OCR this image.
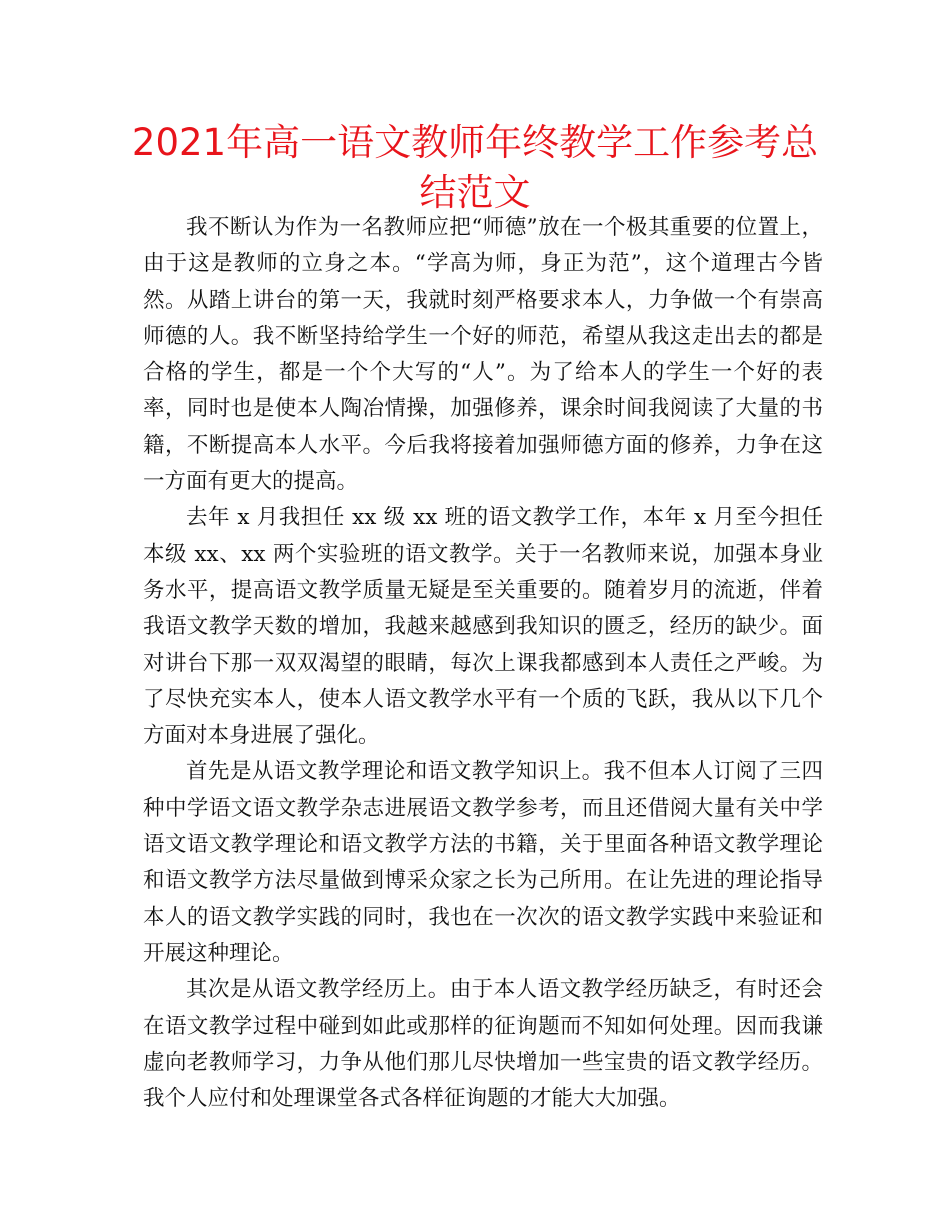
2021年高一语文教师年终教学工作参考总结范文

我不断认为作为一名教师应把“师德”放在一个极其重要的位置上，由于这是教师的立身之本。“学高为师，身正为范”，这个道理古今皆然。从踏上讲台的第一天，我就时刻严格要求本人，力争做一个有崇高师德的人。我不断坚持给学生一个好的师范，希望从我这走出去的都是合格的学生，都是一个个大写的“人”。为了给本人的学生一个好的表率，同时也是使本人陶冶情操，加强修养，课余时间我阅读了大量的书籍，不断提高本人水平。今后我将接着加强师德方面的修养，力争在这一方面有更大的提高。

去年 x 月我担任 xx 级 xx 班的语文教学工作，本年 x 月至今担任本级 xx、xx 两个实验班的语文教学。关于一名教师来说，加强本身业务水平，提高语文教学质量无疑是至关重要的。随着岁月的流逝，伴着我语文教学天数的增加，我越来越感到我知识的匮乏，经历的缺少。面对讲台下那一双双渴望的眼睛，每次上课我都感到本人责任之严峻。为了尽快充实本人，使本人语文教学水平有一个质的飞跃，我从以下几个方面对本身进展了强化。

首先是从语文教学理论和语文教学知识上。我不但本人订阅了三四种中学语文语文教学杂志进展语文教学参考，而且还借阅大量有关中学语文语文教学理论和语文教学方法的书籍，关于里面各种语文教学理论和语文教学方法尽量做到博采众家之长为己所用。在让先进的理论指导本人的语文教学实践的同时，我也在一次次的语文教学实践中来验证和开展这种理论。

其次是从语文教学经历上。由于本人语文教学经历缺乏，有时还会在语文教学过程中碰到如此或那样的征询题而不知如何处理。因而我谦虚向老教师学习，力争从他们那儿尽快增加一些宝贵的语文教学经历。我个人应付和处理课堂各式各样征询题的才能大大加强。
